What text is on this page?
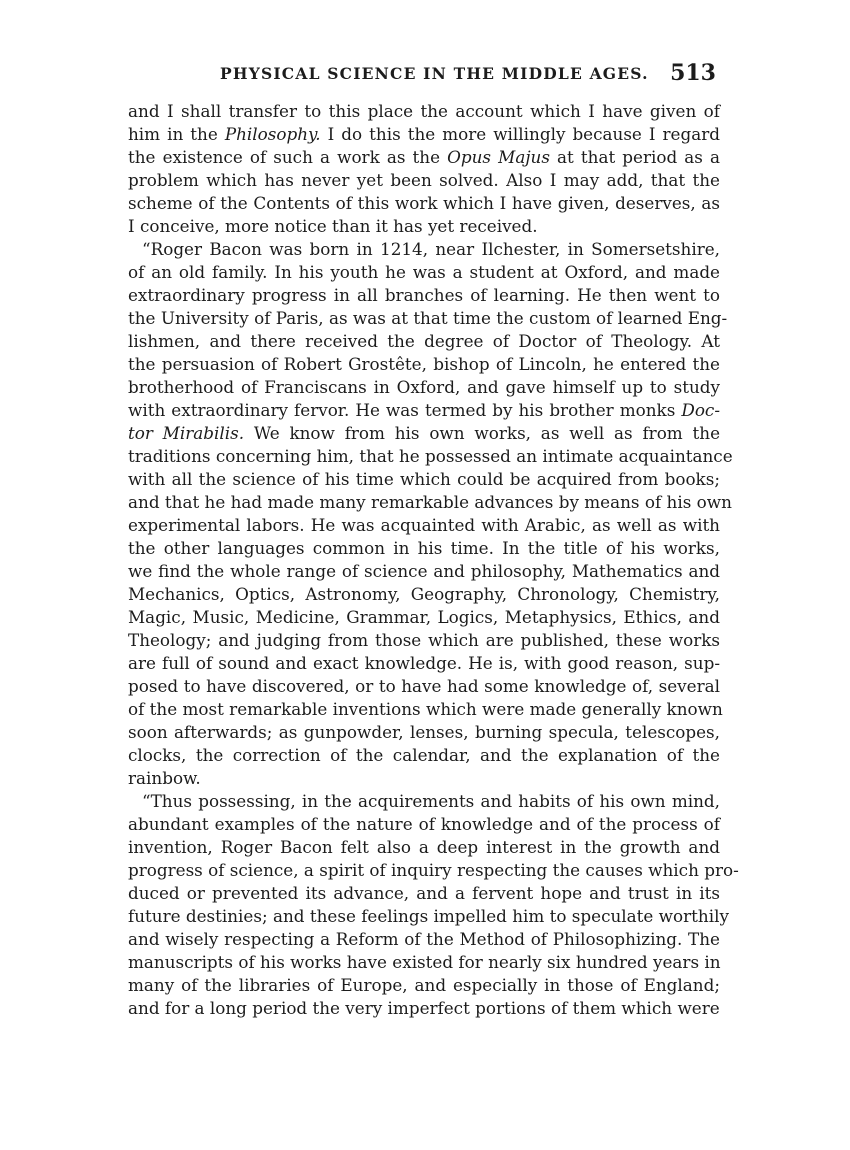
PHYSICAL SCIENCE IN THE MIDDLE AGES. 513
and I shall transfer to this place the account which I have given of
him in the Philosophy. I do this the more willingly because I regard
the existence of such a work as the Opus Majus at that period as a
problem which has never yet been solved. Also I may add, that the
scheme of the Contents of this work which I have given, deserves, as
I conceive, more notice than it has yet received.
“Roger Bacon was born in 1214, near Ilchester, in Somersetshire,
of an old family. In his youth he was a student at Oxford, and made
extraordinary progress in all branches of learning. He then went to
the University of Paris, as was at that time the custom of learned Eng-
lishmen, and there received the degree of Doctor of Theology. At
the persuasion of Robert Grostête, bishop of Lincoln, he entered the
brotherhood of Franciscans in Oxford, and gave himself up to study
with extraordinary fervor. He was termed by his brother monks Doc-
tor Mirabilis. We know from his own works, as well as from the
traditions concerning him, that he possessed an intimate acquaintance
with all the science of his time which could be acquired from books;
and that he had made many remarkable advances by means of his own
experimental labors. He was acquainted with Arabic, as well as with
the other languages common in his time. In the title of his works,
we find the whole range of science and philosophy, Mathematics and
Mechanics, Optics, Astronomy, Geography, Chronology, Chemistry,
Magic, Music, Medicine, Grammar, Logics, Metaphysics, Ethics, and
Theology; and judging from those which are published, these works
are full of sound and exact knowledge. He is, with good reason, sup-
posed to have discovered, or to have had some knowledge of, several
of the most remarkable inventions which were made generally known
soon afterwards; as gunpowder, lenses, burning specula, telescopes,
clocks, the correction of the calendar, and the explanation of the
rainbow.
“Thus possessing, in the acquirements and habits of his own mind,
abundant examples of the nature of knowledge and of the process of
invention, Roger Bacon felt also a deep interest in the growth and
progress of science, a spirit of inquiry respecting the causes which pro-
duced or prevented its advance, and a fervent hope and trust in its
future destinies; and these feelings impelled him to speculate worthily
and wisely respecting a Reform of the Method of Philosophizing. The
manuscripts of his works have existed for nearly six hundred years in
many of the libraries of Europe, and especially in those of England;
and for a long period the very imperfect portions of them which were
